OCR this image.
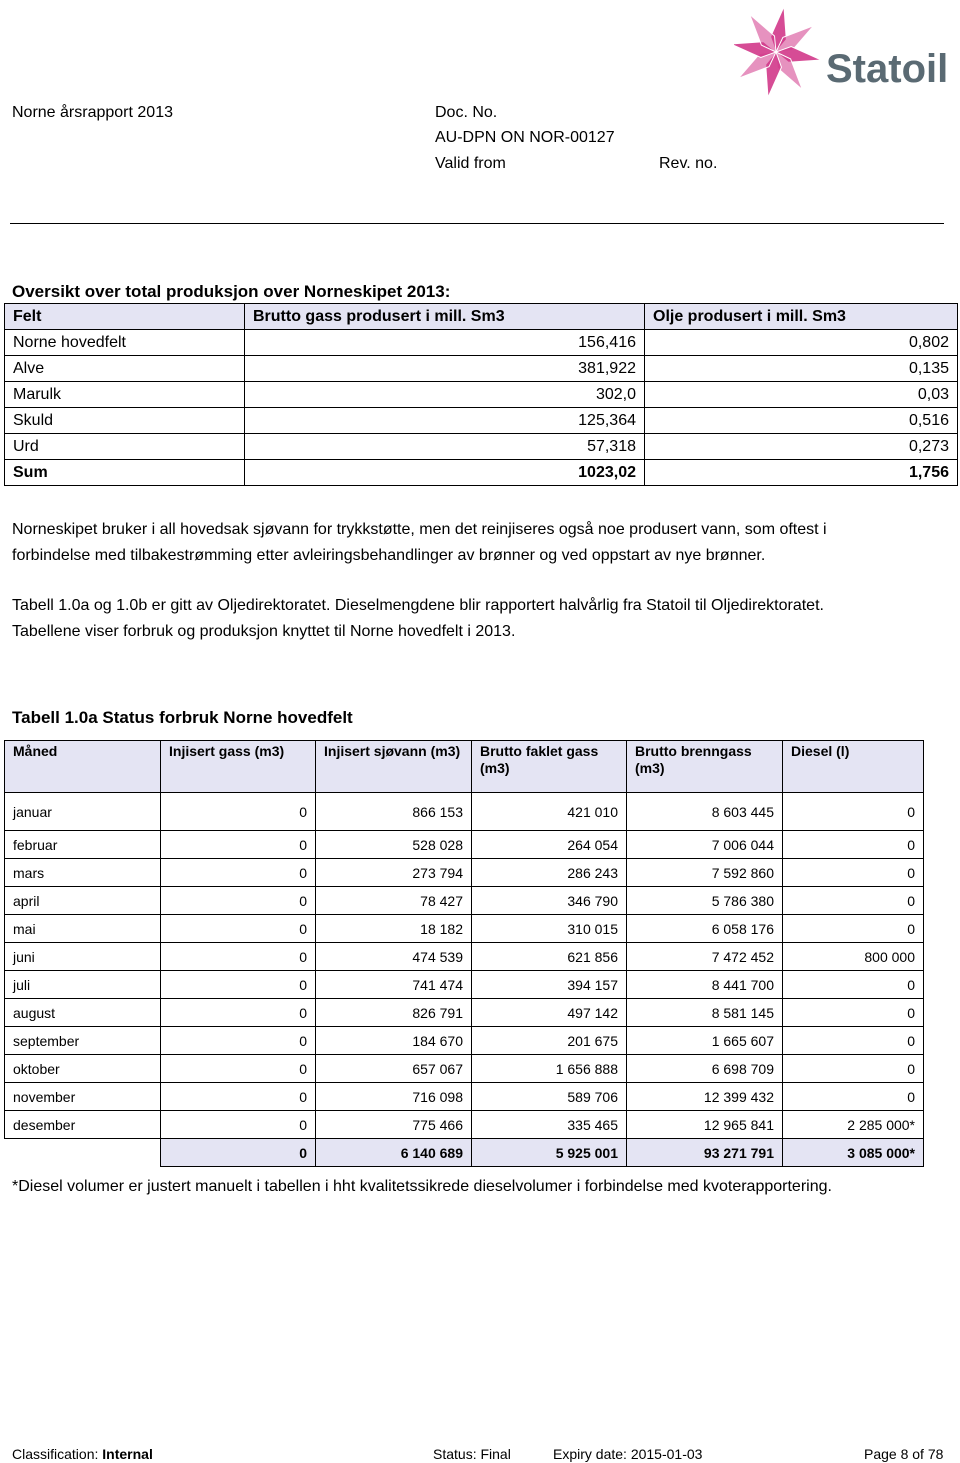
Norne årsrapport 2013	Doc. No.
AU-DPN ON NOR-00127
Valid from	Rev. no.
Statoil
Oversikt over total produksjon over Norneskipet 2013:
Felt	Brutto gass produsert i mill. Sm3	Olje produsert i mill. Sm3
Norne hovedfelt	156,416	0,802
Alve	381,922	0,135
Marulk	302,0	0,03
Skuld	125,364	0,516
Urd	57,318	0,273
Sum	1023,02	1,756
Norneskipet bruker i all hovedsak sjøvann for trykkstøtte, men det reinjiseres også noe produsert vann, som oftest i
forbindelse med tilbakestrømming etter avleiringsbehandlinger av brønner og ved oppstart av nye brønner.
Tabell 1.0a og 1.0b er gitt av Oljedirektoratet. Dieselmengdene blir rapportert halvårlig fra Statoil til Oljedirektoratet.
Tabellene viser forbruk og produksjon knyttet til Norne hovedfelt i 2013.
Tabell 1.0a Status forbruk Norne hovedfelt
Måned	Injisert gass (m3)	Injisert sjøvann (m3)	Brutto faklet gass (m3)	Brutto brenngass (m3)	Diesel (l)
januar	0	866 153	421 010	8 603 445	0
februar	0	528 028	264 054	7 006 044	0
mars	0	273 794	286 243	7 592 860	0
april	0	78 427	346 790	5 786 380	0
mai	0	18 182	310 015	6 058 176	0
juni	0	474 539	621 856	7 472 452	800 000
juli	0	741 474	394 157	8 441 700	0
august	0	826 791	497 142	8 581 145	0
september	0	184 670	201 675	1 665 607	0
oktober	0	657 067	1 656 888	6 698 709	0
november	0	716 098	589 706	12 399 432	0
desember	0	775 466	335 465	12 965 841	2 285 000*
	0	6 140 689	5 925 001	93 271 791	3 085 000*
*Diesel volumer er justert manuelt i tabellen i hht kvalitetssikrede dieselvolumer i forbindelse med kvoterapportering.
Classification: Internal	Status: Final	Expiry date: 2015-01-03	Page 8 of 78
